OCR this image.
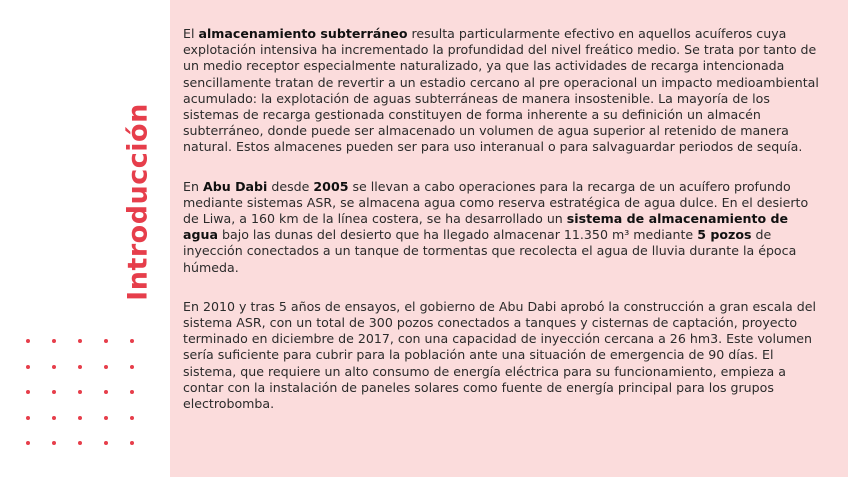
Introducción

El almacenamiento subterráneo resulta particularmente efectivo en aquellos acuíferos cuya explotación intensiva ha incrementado la profundidad del nivel freático medio. Se trata por tanto de un medio receptor especialmente naturalizado, ya que las actividades de recarga intencionada sencillamente tratan de revertir a un estadio cercano al pre operacional un impacto medioambiental acumulado: la explotación de aguas subterráneas de manera insostenible. La mayoría de los sistemas de recarga gestionada constituyen de forma inherente a su definición un almacén subterráneo, donde puede ser almacenado un volumen de agua superior al retenido de manera natural. Estos almacenes pueden ser para uso interanual o para salvaguardar periodos de sequía.

En Abu Dabi desde 2005 se llevan a cabo operaciones para la recarga de un acuífero profundo mediante sistemas ASR, se almacena agua como reserva estratégica de agua dulce. En el desierto de Liwa, a 160 km de la línea costera, se ha desarrollado un sistema de almacenamiento de agua bajo las dunas del desierto que ha llegado almacenar 11.350 m³ mediante 5 pozos de inyección conectados a un tanque de tormentas que recolecta el agua de lluvia durante la época húmeda.

En 2010 y tras 5 años de ensayos, el gobierno de Abu Dabi aprobó la construcción a gran escala del sistema ASR, con un total de 300 pozos conectados a tanques y cisternas de captación, proyecto terminado en diciembre de 2017, con una capacidad de inyección cercana a 26 hm3. Este volumen sería suficiente para cubrir para la población ante una situación de emergencia de 90 días. El sistema, que requiere un alto consumo de energía eléctrica para su funcionamiento, empieza a contar con la instalación de paneles solares como fuente de energía principal para los grupos electrobomba.
